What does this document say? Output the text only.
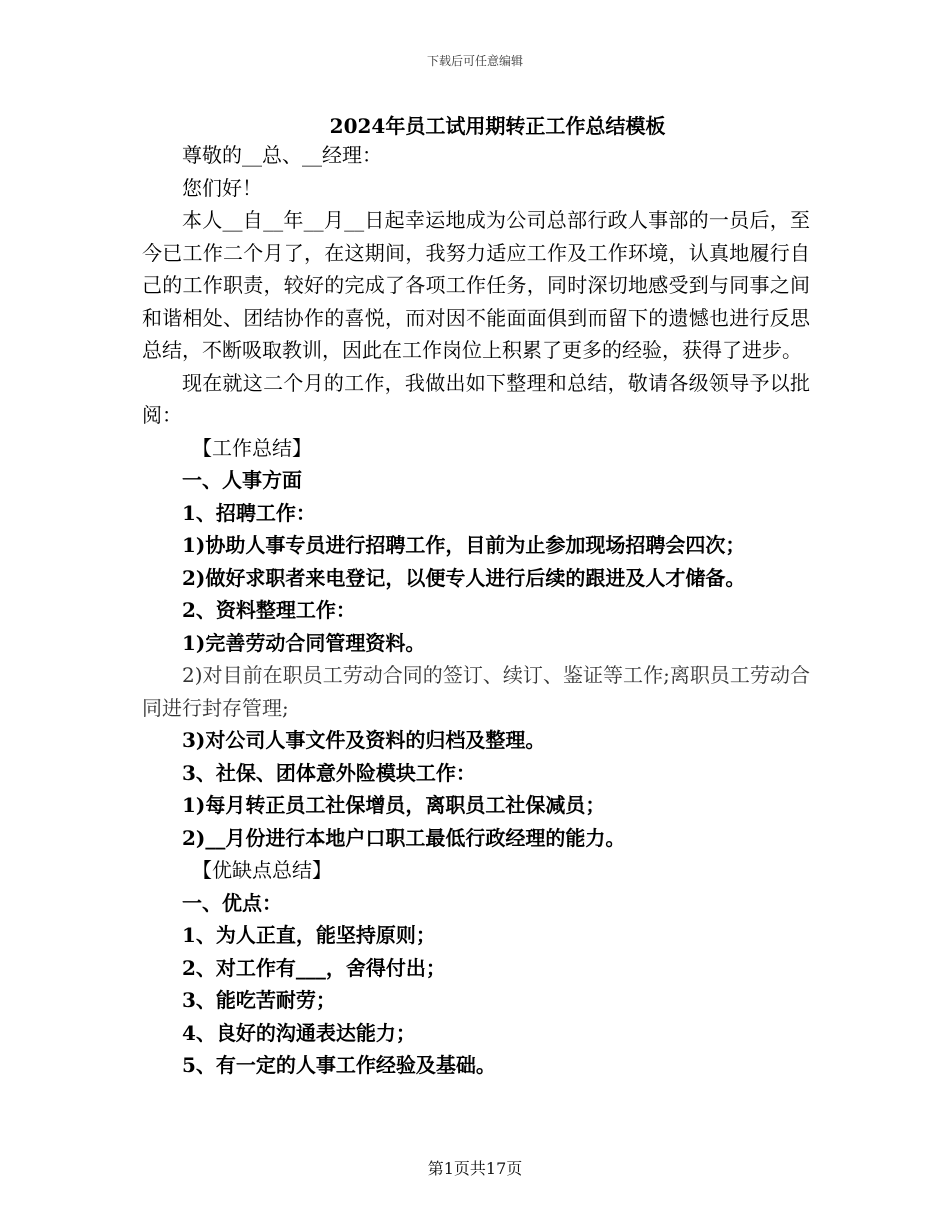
下载后可任意编辑
2024年员工试用期转正工作总结模板
尊敬的__总、__经理：
您们好！
本人__自__年__月__日起幸运地成为公司总部行政人事部的一员后，至今已工作二个月了，在这期间，我努力适应工作及工作环境，认真地履行自己的工作职责，较好的完成了各项工作任务，同时深切地感受到与同事之间和谐相处、团结协作的喜悦，而对因不能面面俱到而留下的遗憾也进行反思总结，不断吸取教训，因此在工作岗位上积累了更多的经验，获得了进步。
现在就这二个月的工作，我做出如下整理和总结，敬请各级领导予以批阅：
【工作总结】
一、人事方面
1、招聘工作：
1)协助人事专员进行招聘工作，目前为止参加现场招聘会四次；
2)做好求职者来电登记，以便专人进行后续的跟进及人才储备。
2、资料整理工作：
1)完善劳动合同管理资料。
2)对目前在职员工劳动合同的签订、续订、鉴证等工作;离职员工劳动合同进行封存管理;
3)对公司人事文件及资料的归档及整理。
3、社保、团体意外险模块工作：
1)每月转正员工社保增员，离职员工社保减员；
2)__月份进行本地户口职工最低行政经理的能力。
【优缺点总结】
一、优点：
1、为人正直，能坚持原则；
2、对工作有___，舍得付出；
3、能吃苦耐劳；
4、良好的沟通表达能力；
5、有一定的人事工作经验及基础。
第1页共17页
